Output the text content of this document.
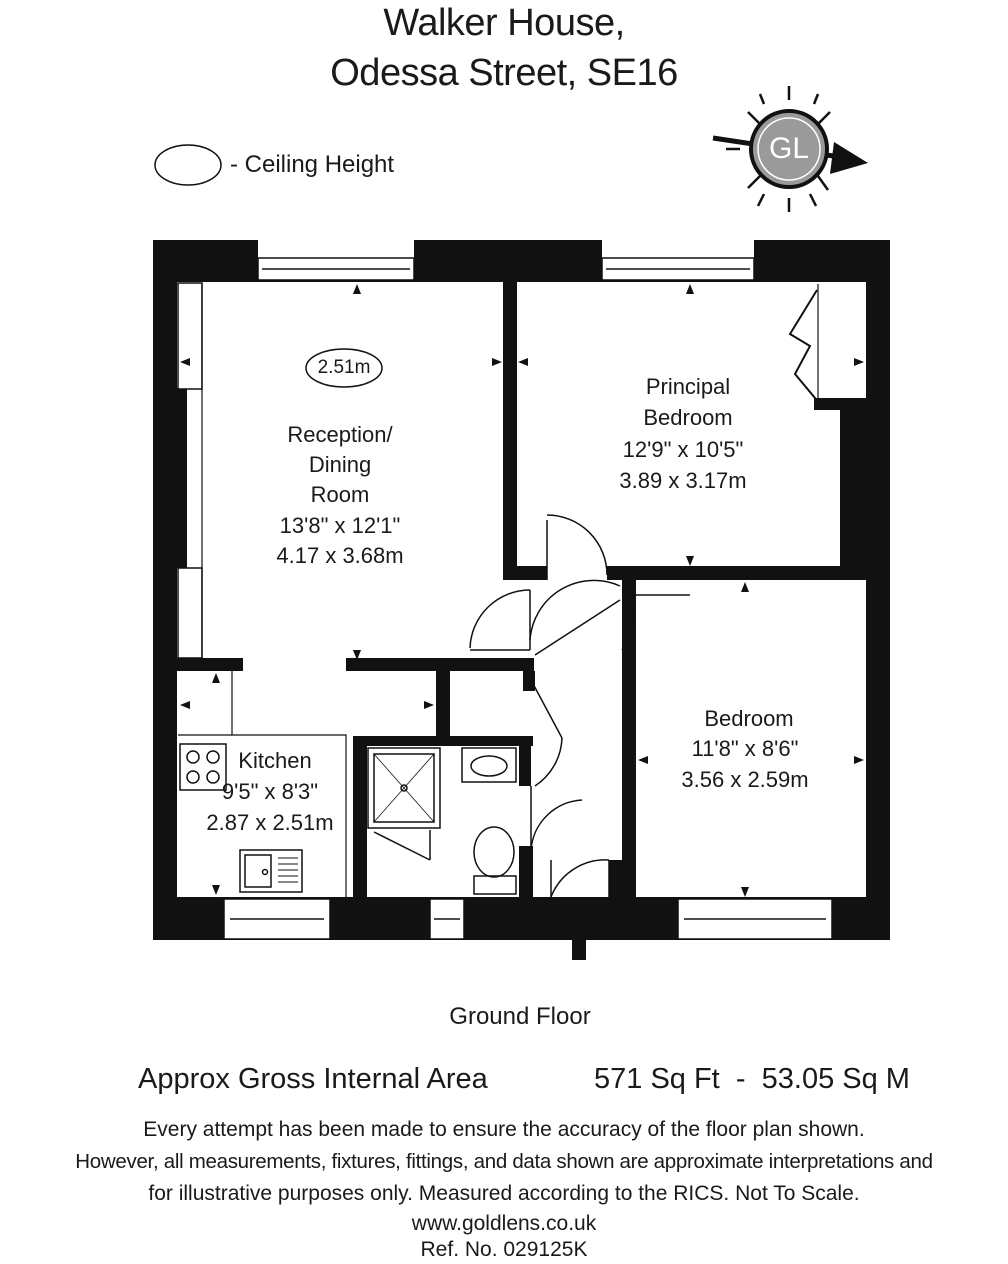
Walker House,
Odessa Street, SE16
- Ceiling Height	GL
2.51m
Reception/
Dining
Room
13'8" x 12'1"
4.17 x 3.68m
Principal
Bedroom
12'9" x 10'5"
3.89 x 3.17m
Kitchen
9'5" x 8'3"
2.87 x 2.51m
Bedroom
11'8" x 8'6"
3.56 x 2.59m
Ground Floor
Approx Gross Internal Area	571 Sq Ft  -  53.05 Sq M
Every attempt has been made to ensure the accuracy of the floor plan shown.
However, all measurements, fixtures, fittings, and data shown are approximate interpretations and
for illustrative purposes only. Measured according to the RICS. Not To Scale.
www.goldlens.co.uk
Ref. No. 029125K
